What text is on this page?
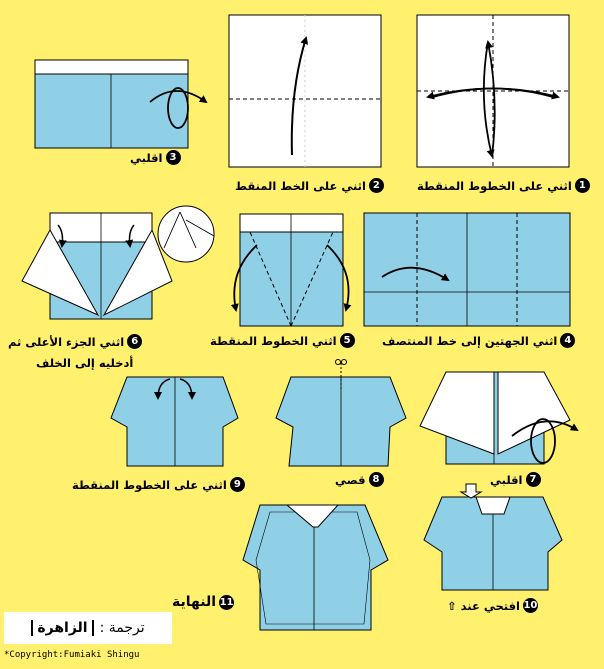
1
اثني على الخطوط المنقطة
2
اثني على الخط المنقط
3
اقلبي
4
اثني الجهتين إلى خط المنتصف
5
اثني الخطوط المنقطة
6
اثني الجزء الأعلى ثم
أدخليه إلى الخلف
7
اقلبي
8
قصي
9
اثني على الخطوط المنقطة
10
افتحي عند ⇧
11
النهاية
ترجمة :
الزاهرة
*Copyright:Fumiaki Shingu
